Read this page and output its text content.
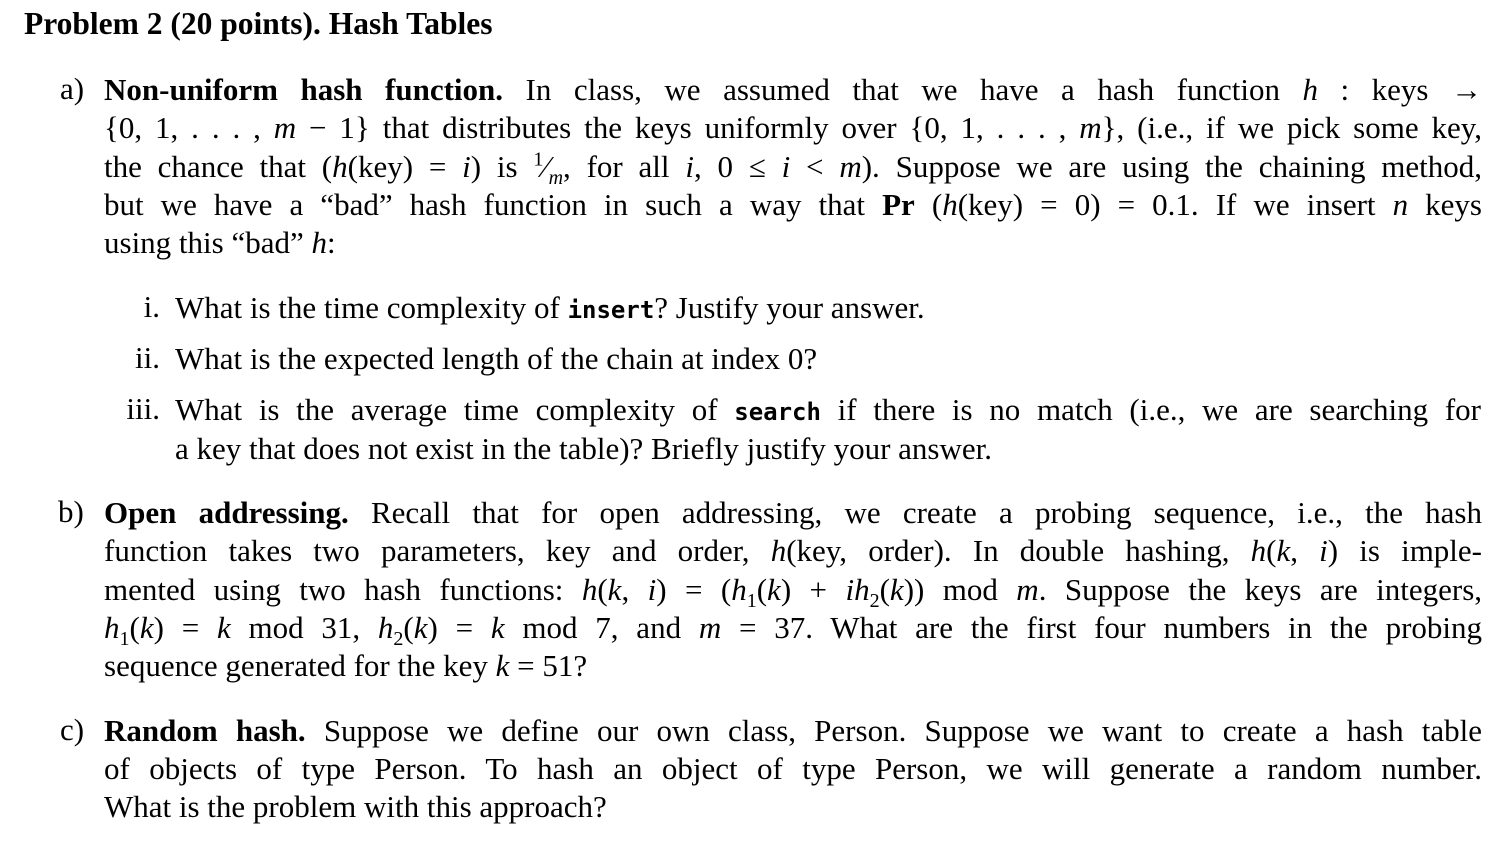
Problem 2 (20 points). Hash Tables
a) Non-uniform hash function. In class, we assumed that we have a hash function h : keys →
{0, 1, . . . , m − 1} that distributes the keys uniformly over {0, 1, . . . , m}, (i.e., if we pick some key,
the chance that (h(key) = i) is $^1⁄_m$, for all i, 0 ≤ i < m). Suppose we are using the chaining method,
but we have a “bad” hash function in such a way that Pr (h(key) = 0) = 0.1. If we insert n keys
using this “bad” h:
i. What is the time complexity of insert? Justify your answer.
ii. What is the expected length of the chain at index 0?
iii. What is the average time complexity of search if there is no match (i.e., we are searching for
a key that does not exist in the table)? Briefly justify your answer.
b) Open addressing. Recall that for open addressing, we create a probing sequence, i.e., the hash
function takes two parameters, key and order, h(key, order). In double hashing, h(k, i) is imple-
mented using two hash functions: h(k, $i) = (h_1(k) + ih_2(k))$ mod m. Suppose the keys are integers,
$h_1(k) = k$ mod 31, $h_2(k) = k$ mod 7, and m = 37. What are the first four numbers in the probing
sequence generated for the key k = 51?
c) Random hash. Suppose we define our own class, Person. Suppose we want to create a hash table
of objects of type Person. To hash an object of type Person, we will generate a random number.
What is the problem with this approach?
